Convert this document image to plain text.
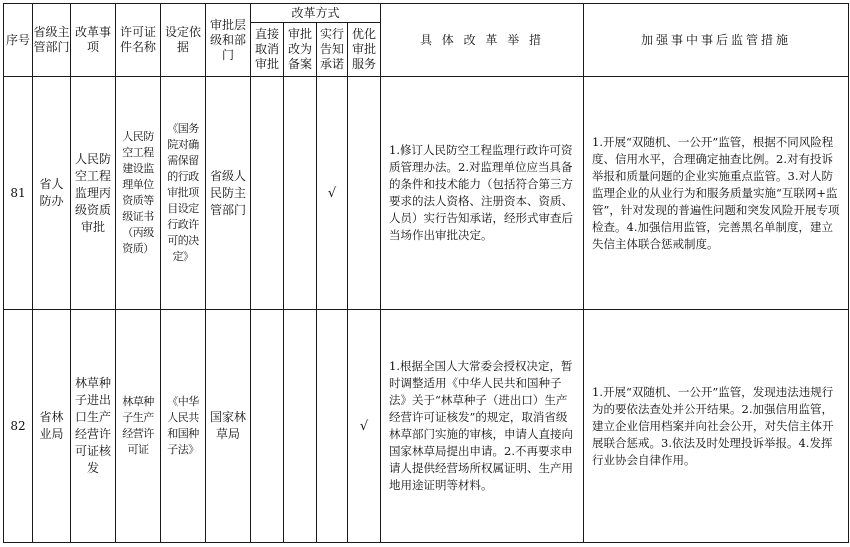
序号	省级主管部门	改革事项	许可证件名称	设定依据	审批层级和部门	改革方式				具 体 改 革 举 措	加强事中事后监管措施
						直接取消审批	审批改为备案	实行告知承诺	优化审批服务		
81	省人防办	人民防空工程监理丙级资质审批	人民防空工程建设监理单位资质等级证书（丙级资质）	《国务院对确需保留的行政审批项目设定行政许可的决定》	省级人民防主管部门			√		1.修订人民防空工程监理行政许可资质管理办法。2.对监理单位应当具备的条件和技术能力（包括符合第三方要求的法人资格、注册资本、资质、人员）实行告知承诺，经形式审查后当场作出审批决定。	1.开展“双随机、一公开”监管，根据不同风险程度、信用水平，合理确定抽查比例。2.对有投诉举报和质量问题的企业实施重点监管。3.对人防监理企业的从业行为和服务质量实施“互联网+监管”，针对发现的普遍性问题和突发风险开展专项检查。4.加强信用监管，完善黑名单制度，建立失信主体联合惩戒制度。
82	省林业局	林草种子进出口生产经营许可证核发	林草种子生产经营许可证	《中华人民共和国种子法》	国家林草局				√	1.根据全国人大常委会授权决定，暂时调整适用《中华人民共和国种子法》关于“林草种子（进出口）生产经营许可证核发”的规定，取消省级林草部门实施的审核，申请人直接向国家林草局提出申请。2.不再要求申请人提供经营场所权属证明、生产用地用途证明等材料。	1.开展“双随机、一公开”监管，发现违法违规行为的要依法查处并公开结果。2.加强信用监管，建立企业信用档案并向社会公开，对失信主体开展联合惩戒。3.依法及时处理投诉举报。4.发挥行业协会自律作用。
